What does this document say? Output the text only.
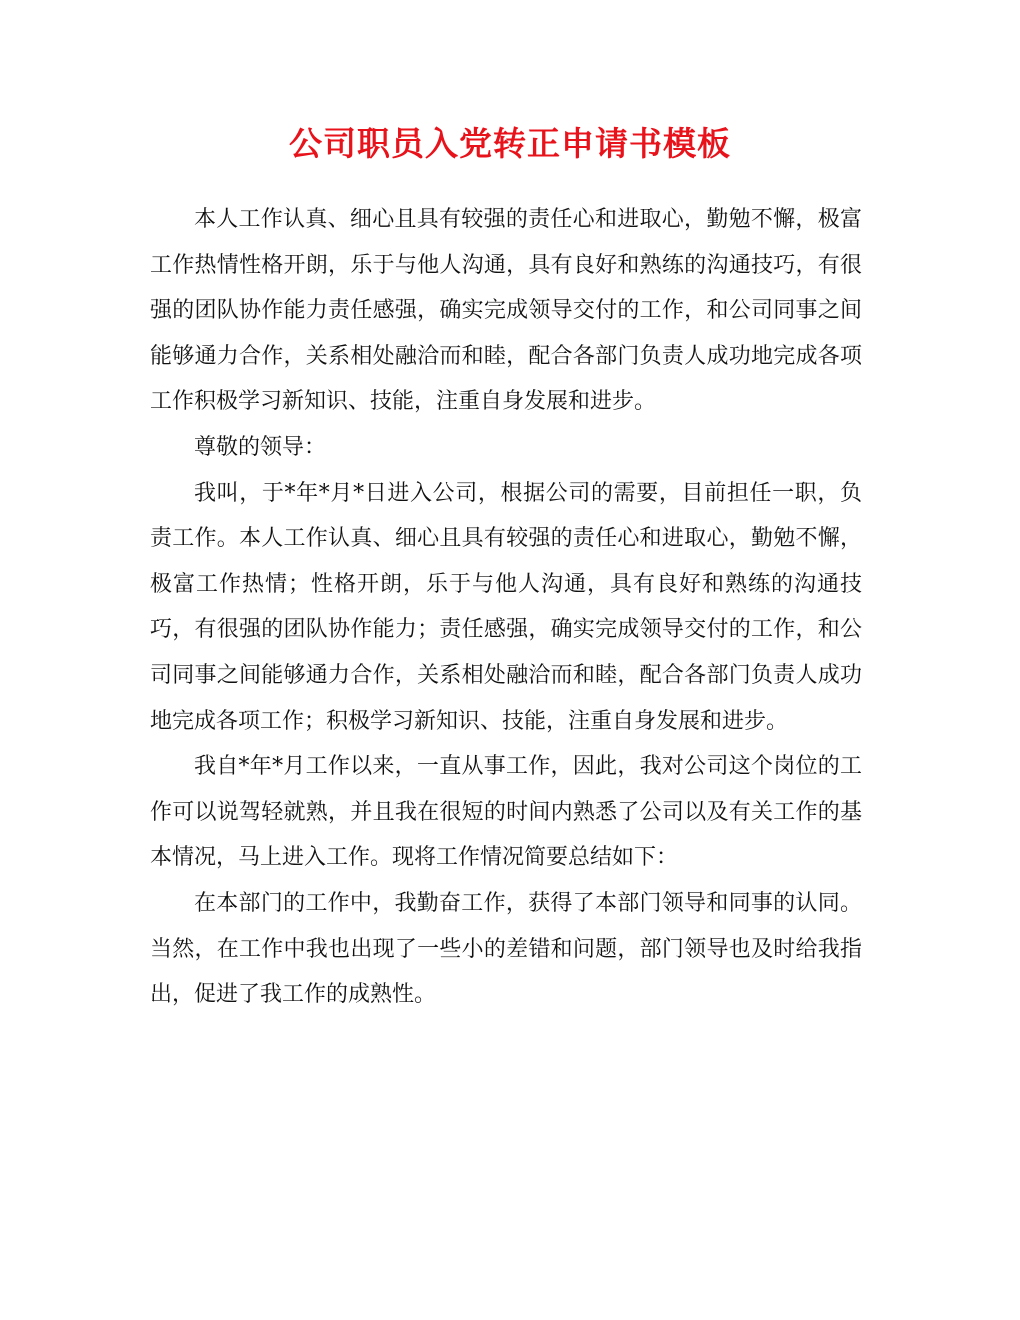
公司职员入党转正申请书模板

本人工作认真、细心且具有较强的责任心和进取心，勤勉不懈，极富工作热情性格开朗，乐于与他人沟通，具有良好和熟练的沟通技巧，有很强的团队协作能力责任感强，确实完成领导交付的工作，和公司同事之间能够通力合作，关系相处融洽而和睦，配合各部门负责人成功地完成各项工作积极学习新知识、技能，注重自身发展和进步。

尊敬的领导：

我叫，于*年*月*日进入公司，根据公司的需要，目前担任一职，负责工作。本人工作认真、细心且具有较强的责任心和进取心，勤勉不懈，极富工作热情；性格开朗，乐于与他人沟通，具有良好和熟练的沟通技巧，有很强的团队协作能力；责任感强，确实完成领导交付的工作，和公司同事之间能够通力合作，关系相处融洽而和睦，配合各部门负责人成功地完成各项工作；积极学习新知识、技能，注重自身发展和进步。

我自*年*月工作以来，一直从事工作，因此，我对公司这个岗位的工作可以说驾轻就熟，并且我在很短的时间内熟悉了公司以及有关工作的基本情况，马上进入工作。现将工作情况简要总结如下：

在本部门的工作中，我勤奋工作，获得了本部门领导和同事的认同。当然，在工作中我也出现了一些小的差错和问题，部门领导也及时给我指出，促进了我工作的成熟性。
